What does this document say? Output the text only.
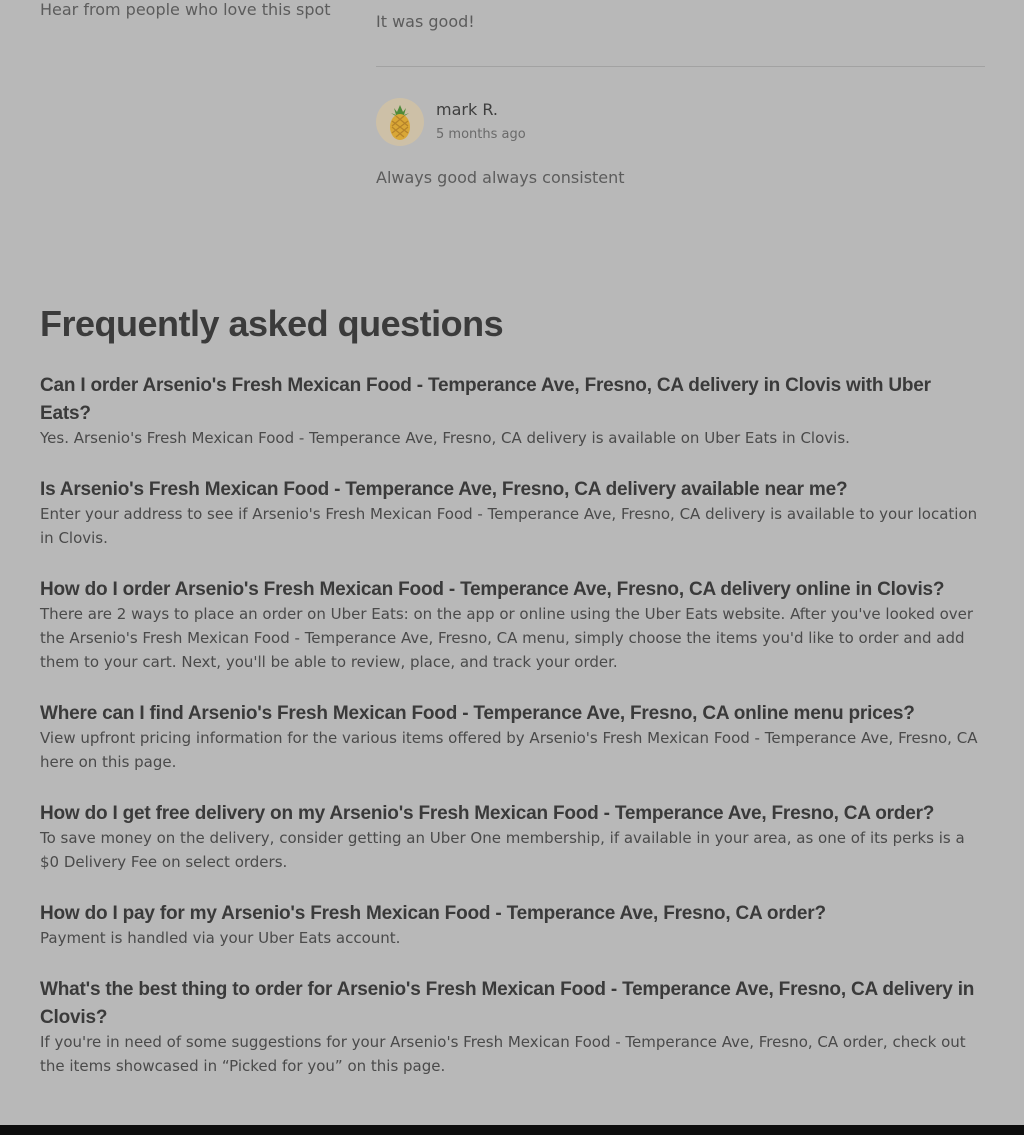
Hear from people who love this spot
It was good!
mark R.
5 months ago
Always good always consistent
Frequently asked questions
Can I order Arsenio's Fresh Mexican Food - Temperance Ave, Fresno, CA delivery in Clovis with Uber Eats?
Yes. Arsenio's Fresh Mexican Food - Temperance Ave, Fresno, CA delivery is available on Uber Eats in Clovis.
Is Arsenio's Fresh Mexican Food - Temperance Ave, Fresno, CA delivery available near me?
Enter your address to see if Arsenio's Fresh Mexican Food - Temperance Ave, Fresno, CA delivery is available to your location in Clovis.
How do I order Arsenio's Fresh Mexican Food - Temperance Ave, Fresno, CA delivery online in Clovis?
There are 2 ways to place an order on Uber Eats: on the app or online using the Uber Eats website. After you've looked over the Arsenio's Fresh Mexican Food - Temperance Ave, Fresno, CA menu, simply choose the items you'd like to order and add them to your cart. Next, you'll be able to review, place, and track your order.
Where can I find Arsenio's Fresh Mexican Food - Temperance Ave, Fresno, CA online menu prices?
View upfront pricing information for the various items offered by Arsenio's Fresh Mexican Food - Temperance Ave, Fresno, CA here on this page.
How do I get free delivery on my Arsenio's Fresh Mexican Food - Temperance Ave, Fresno, CA order?
To save money on the delivery, consider getting an Uber One membership, if available in your area, as one of its perks is a $0 Delivery Fee on select orders.
How do I pay for my Arsenio's Fresh Mexican Food - Temperance Ave, Fresno, CA order?
Payment is handled via your Uber Eats account.
What's the best thing to order for Arsenio's Fresh Mexican Food - Temperance Ave, Fresno, CA delivery in Clovis?
If you're in need of some suggestions for your Arsenio's Fresh Mexican Food - Temperance Ave, Fresno, CA order, check out the items showcased in “Picked for you” on this page.
